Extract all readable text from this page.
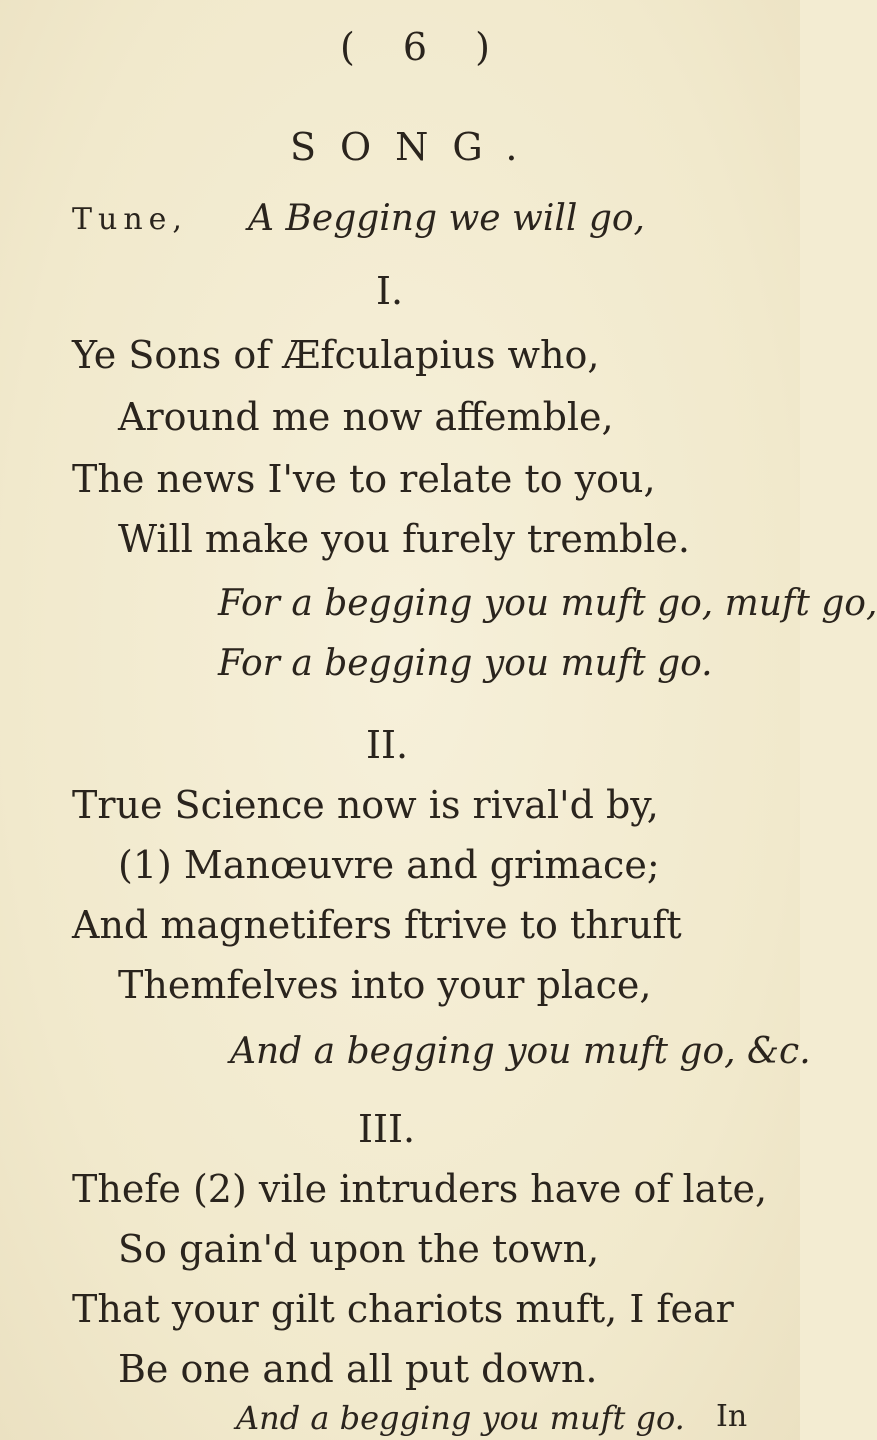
( 6 )
SONG.
Tune, A Begging we will go,
I.
Ye Sons of Æfculapius who,
Around me now affemble,
The news I've to relate to you,
Will make you furely tremble.
For a begging you muft go, muft go,
For a begging you muft go.
II.
True Science now is rival'd by,
(1) Manœuvre and grimace;
And magnetifers ftrive to thruft
Themfelves into your place,
And a begging you muft go, &c.
III.
Thefe (2) vile intruders have of late,
So gain'd upon the town,
That your gilt chariots muft, I fear
Be one and all put down.
And a begging you muft go. In
